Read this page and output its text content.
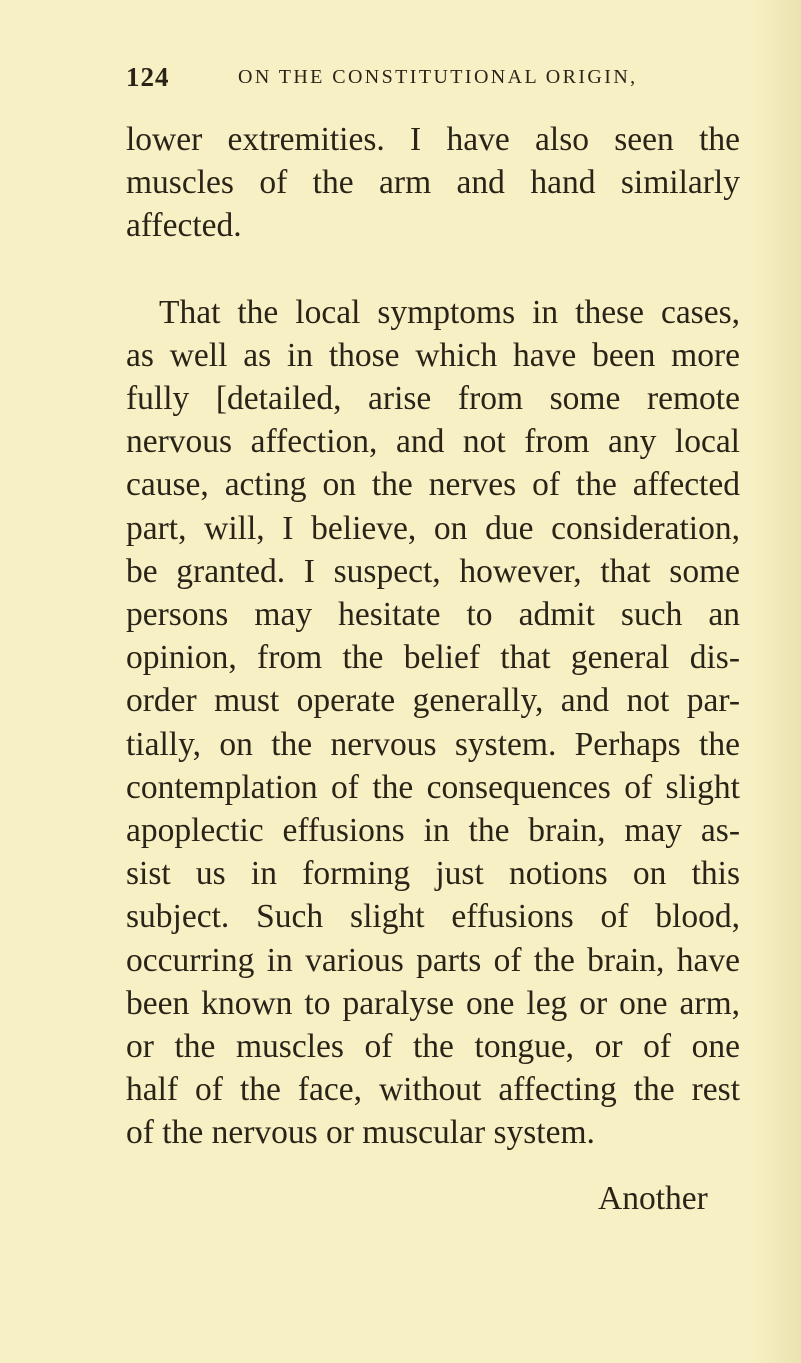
124	ON THE CONSTITUTIONAL ORIGIN,
lower extremities. I have also seen the
muscles of the arm and hand similarly
affected.
That the local symptoms in these cases,
as well as in those which have been more
fully [detailed, arise from some remote
nervous affection, and not from any local
cause, acting on the nerves of the affected
part, will, I believe, on due consideration,
be granted. I suspect, however, that some
persons may hesitate to admit such an
opinion, from the belief that general dis-
order must operate generally, and not par-
tially, on the nervous system. Perhaps the
contemplation of the consequences of slight
apoplectic effusions in the brain, may as-
sist us in forming just notions on this
subject. Such slight effusions of blood,
occurring in various parts of the brain, have
been known to paralyse one leg or one arm,
or the muscles of the tongue, or of one
half of the face, without affecting the rest
of the nervous or muscular system.
Another
